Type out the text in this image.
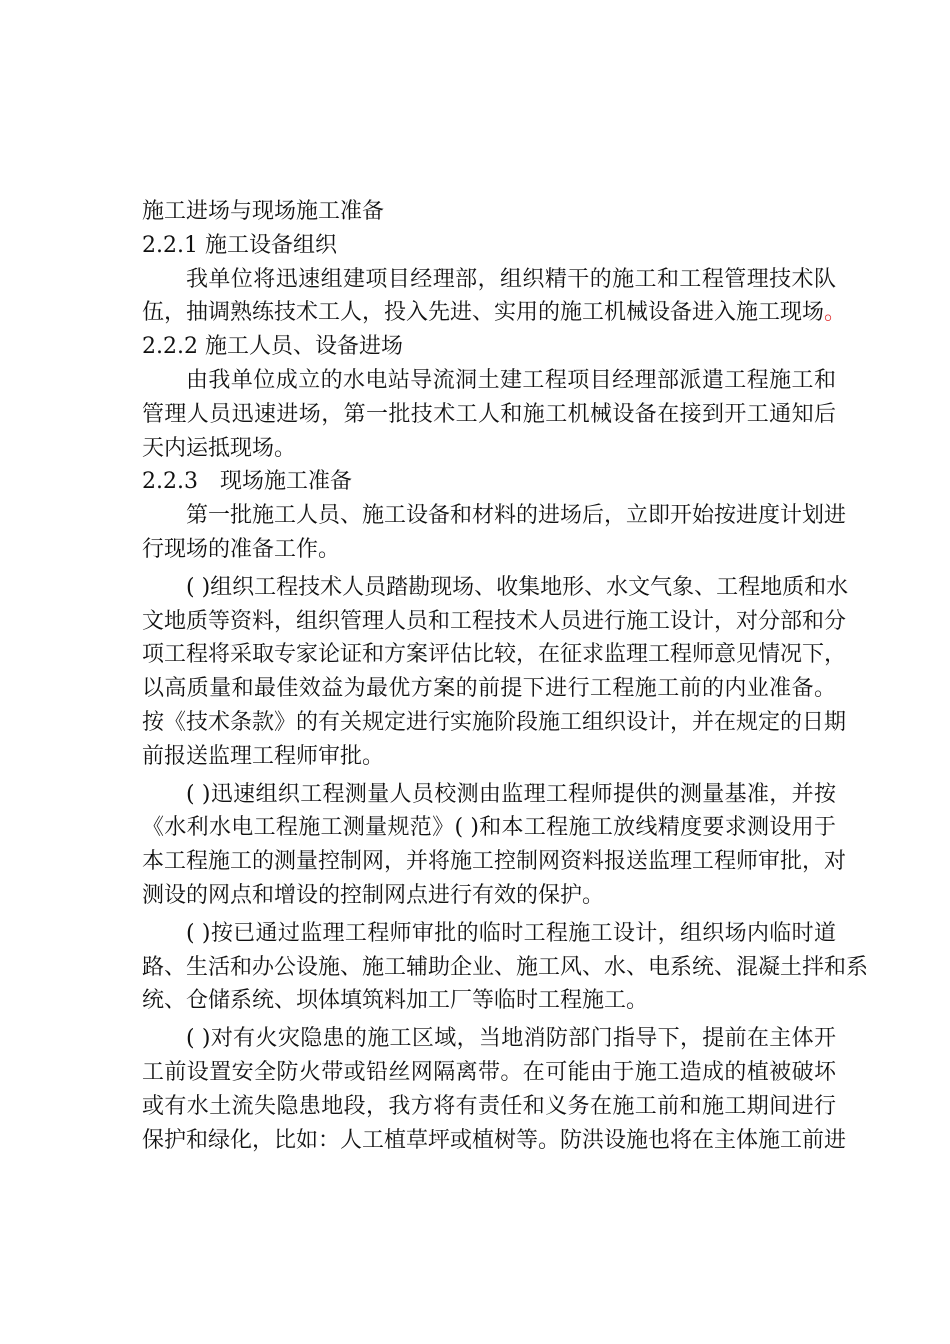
施工进场与现场施工准备
2.2.1 施工设备组织
我单位将迅速组建项目经理部，组织精干的施工和工程管理技术队
伍，抽调熟练技术工人，投入先进、实用的施工机械设备进入施工现场。
2.2.2 施工人员、设备进场
由我单位成立的水电站导流洞土建工程项目经理部派遣工程施工和
管理人员迅速进场，第一批技术工人和施工机械设备在接到开工通知后
天内运抵现场。
2.2.3　现场施工准备
第一批施工人员、施工设备和材料的进场后，立即开始按进度计划进
行现场的准备工作。
( )组织工程技术人员踏勘现场、收集地形、水文气象、工程地质和水
文地质等资料，组织管理人员和工程技术人员进行施工设计，对分部和分
项工程将采取专家论证和方案评估比较，在征求监理工程师意见情况下，
以高质量和最佳效益为最优方案的前提下进行工程施工前的内业准备。
按《技术条款》的有关规定进行实施阶段施工组织设计，并在规定的日期
前报送监理工程师审批。
( )迅速组织工程测量人员校测由监理工程师提供的测量基准，并按
《水利水电工程施工测量规范》( )和本工程施工放线精度要求测设用于
本工程施工的测量控制网，并将施工控制网资料报送监理工程师审批，对
测设的网点和增设的控制网点进行有效的保护。
( )按已通过监理工程师审批的临时工程施工设计，组织场内临时道
路、生活和办公设施、施工辅助企业、施工风、水、电系统、混凝土拌和系
统、仓储系统、坝体填筑料加工厂等临时工程施工。
( )对有火灾隐患的施工区域，当地消防部门指导下，提前在主体开
工前设置安全防火带或铅丝网隔离带。在可能由于施工造成的植被破坏
或有水土流失隐患地段，我方将有责任和义务在施工前和施工期间进行
保护和绿化，比如：人工植草坪或植树等。防洪设施也将在主体施工前进
